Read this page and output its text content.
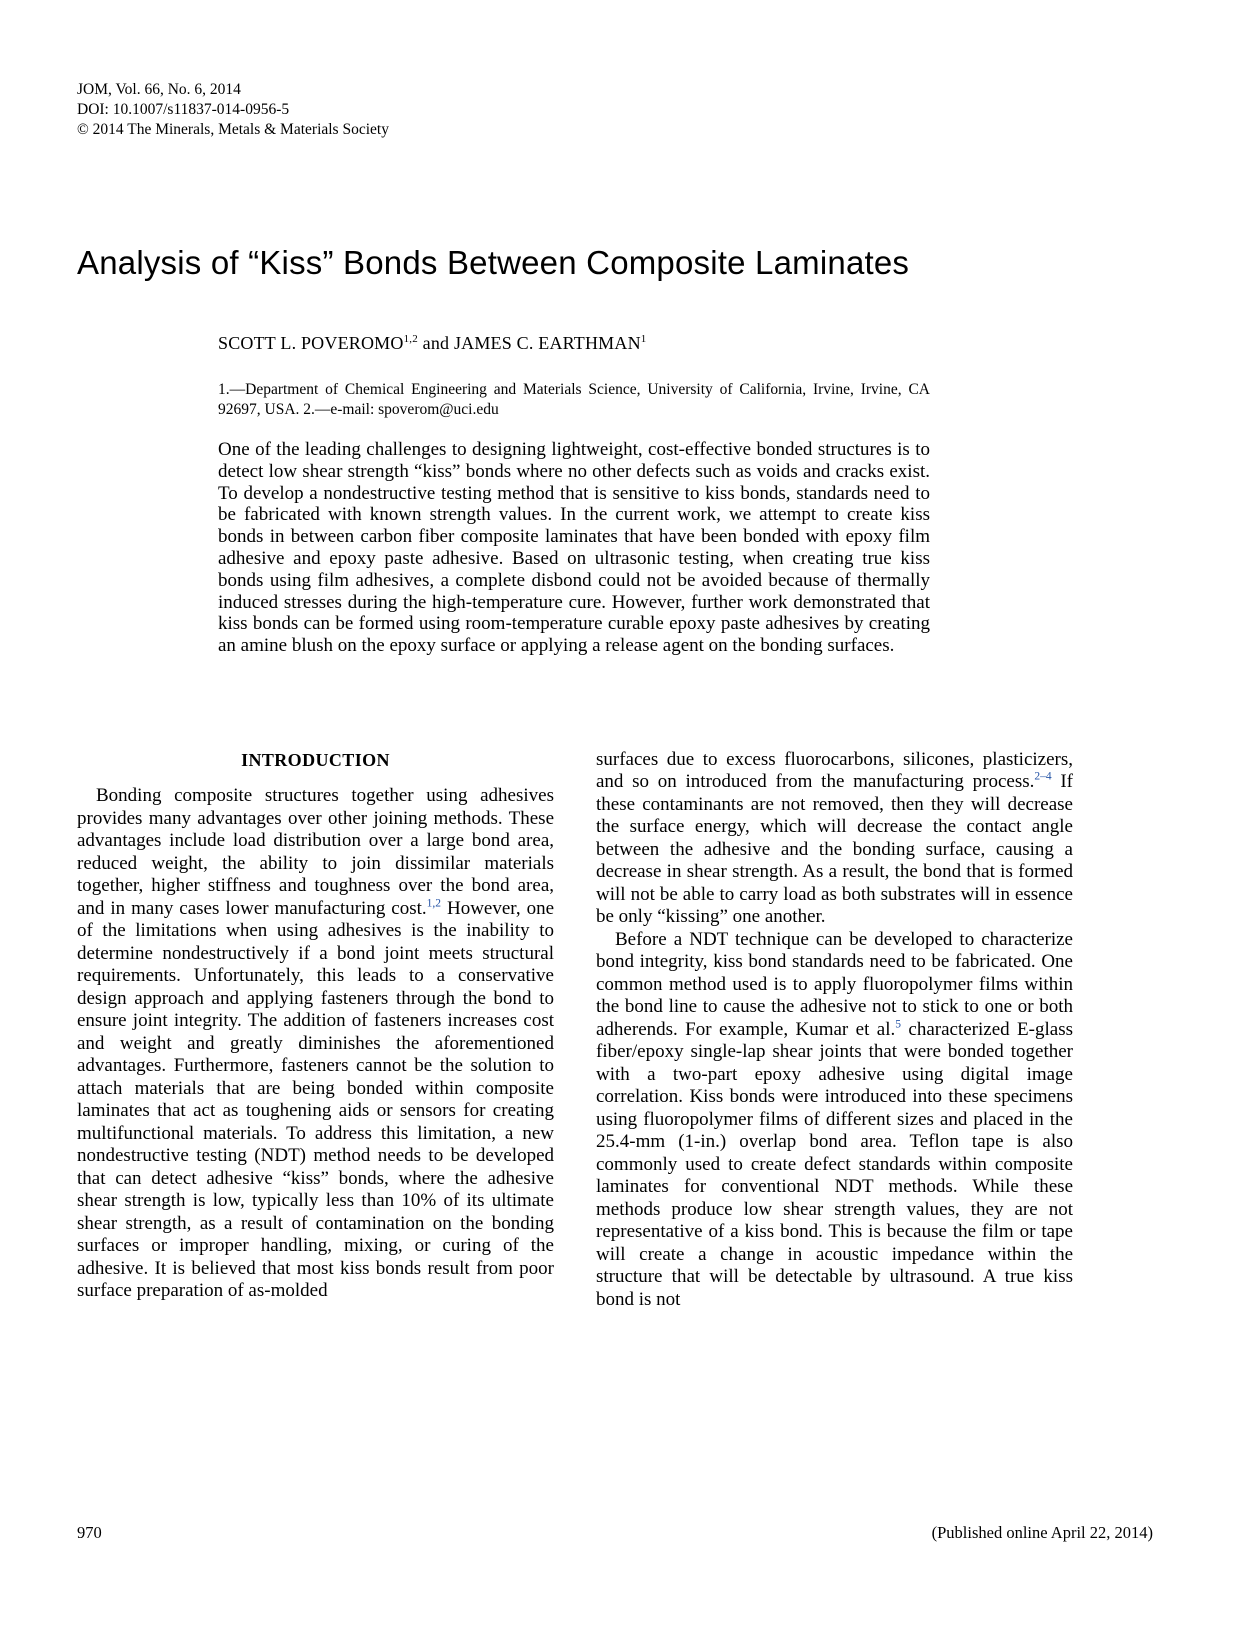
JOM, Vol. 66, No. 6, 2014
DOI: 10.1007/s11837-014-0956-5
© 2014 The Minerals, Metals & Materials Society
Analysis of “Kiss” Bonds Between Composite Laminates
SCOTT L. POVEROMO$^{1,2}$ and JAMES C. EARTHMAN$^1$

1.—Department of Chemical Engineering and Materials Science, University of California, Irvine, Irvine, CA 92697, USA. 2.—e-mail: spoverom@uci.edu

One of the leading challenges to designing lightweight, cost-effective bonded structures is to detect low shear strength “kiss” bonds where no other defects such as voids and cracks exist. To develop a nondestructive testing method that is sensitive to kiss bonds, standards need to be fabricated with known strength values. In the current work, we attempt to create kiss bonds in between carbon fiber composite laminates that have been bonded with epoxy film adhesive and epoxy paste adhesive. Based on ultrasonic testing, when creating true kiss bonds using film adhesives, a complete disbond could not be avoided because of thermally induced stresses during the high-temperature cure. However, further work demonstrated that kiss bonds can be formed using room-temperature curable epoxy paste adhesives by creating an amine blush on the epoxy surface or applying a release agent on the bonding surfaces.

INTRODUCTION

Bonding composite structures together using adhesives provides many advantages over other joining methods. These advantages include load distribution over a large bond area, reduced weight, the ability to join dissimilar materials together, higher stiffness and toughness over the bond area, and in many cases lower manufacturing cost.$^{1,2}$ However, one of the limitations when using adhesives is the inability to determine nondestructively if a bond joint meets structural requirements. Unfortunately, this leads to a conservative design approach and applying fasteners through the bond to ensure joint integrity. The addition of fasteners increases cost and weight and greatly diminishes the aforementioned advantages. Furthermore, fasteners cannot be the solution to attach materials that are being bonded within composite laminates that act as toughening aids or sensors for creating multifunctional materials. To address this limitation, a new nondestructive testing (NDT) method needs to be developed that can detect adhesive “kiss” bonds, where the adhesive shear strength is low, typically less than 10% of its ultimate shear strength, as a result of contamination on the bonding surfaces or improper handling, mixing, or curing of the adhesive. It is believed that most kiss bonds result from poor surface preparation of as-molded

surfaces due to excess fluorocarbons, silicones, plasticizers, and so on introduced from the manufacturing process.$^{2-4}$ If these contaminants are not removed, then they will decrease the surface energy, which will decrease the contact angle between the adhesive and the bonding surface, causing a decrease in shear strength. As a result, the bond that is formed will not be able to carry load as both substrates will in essence be only “kissing” one another.

Before a NDT technique can be developed to characterize bond integrity, kiss bond standards need to be fabricated. One common method used is to apply fluoropolymer films within the bond line to cause the adhesive not to stick to one or both adherends. For example, Kumar et al.$^5$ characterized E-glass fiber/epoxy single-lap shear joints that were bonded together with a two-part epoxy adhesive using digital image correlation. Kiss bonds were introduced into these specimens using fluoropolymer films of different sizes and placed in the 25.4-mm (1-in.) overlap bond area. Teflon tape is also commonly used to create defect standards within composite laminates for conventional NDT methods. While these methods produce low shear strength values, they are not representative of a kiss bond. This is because the film or tape will create a change in acoustic impedance within the structure that will be detectable by ultrasound. A true kiss bond is not

970	(Published online April 22, 2014)
